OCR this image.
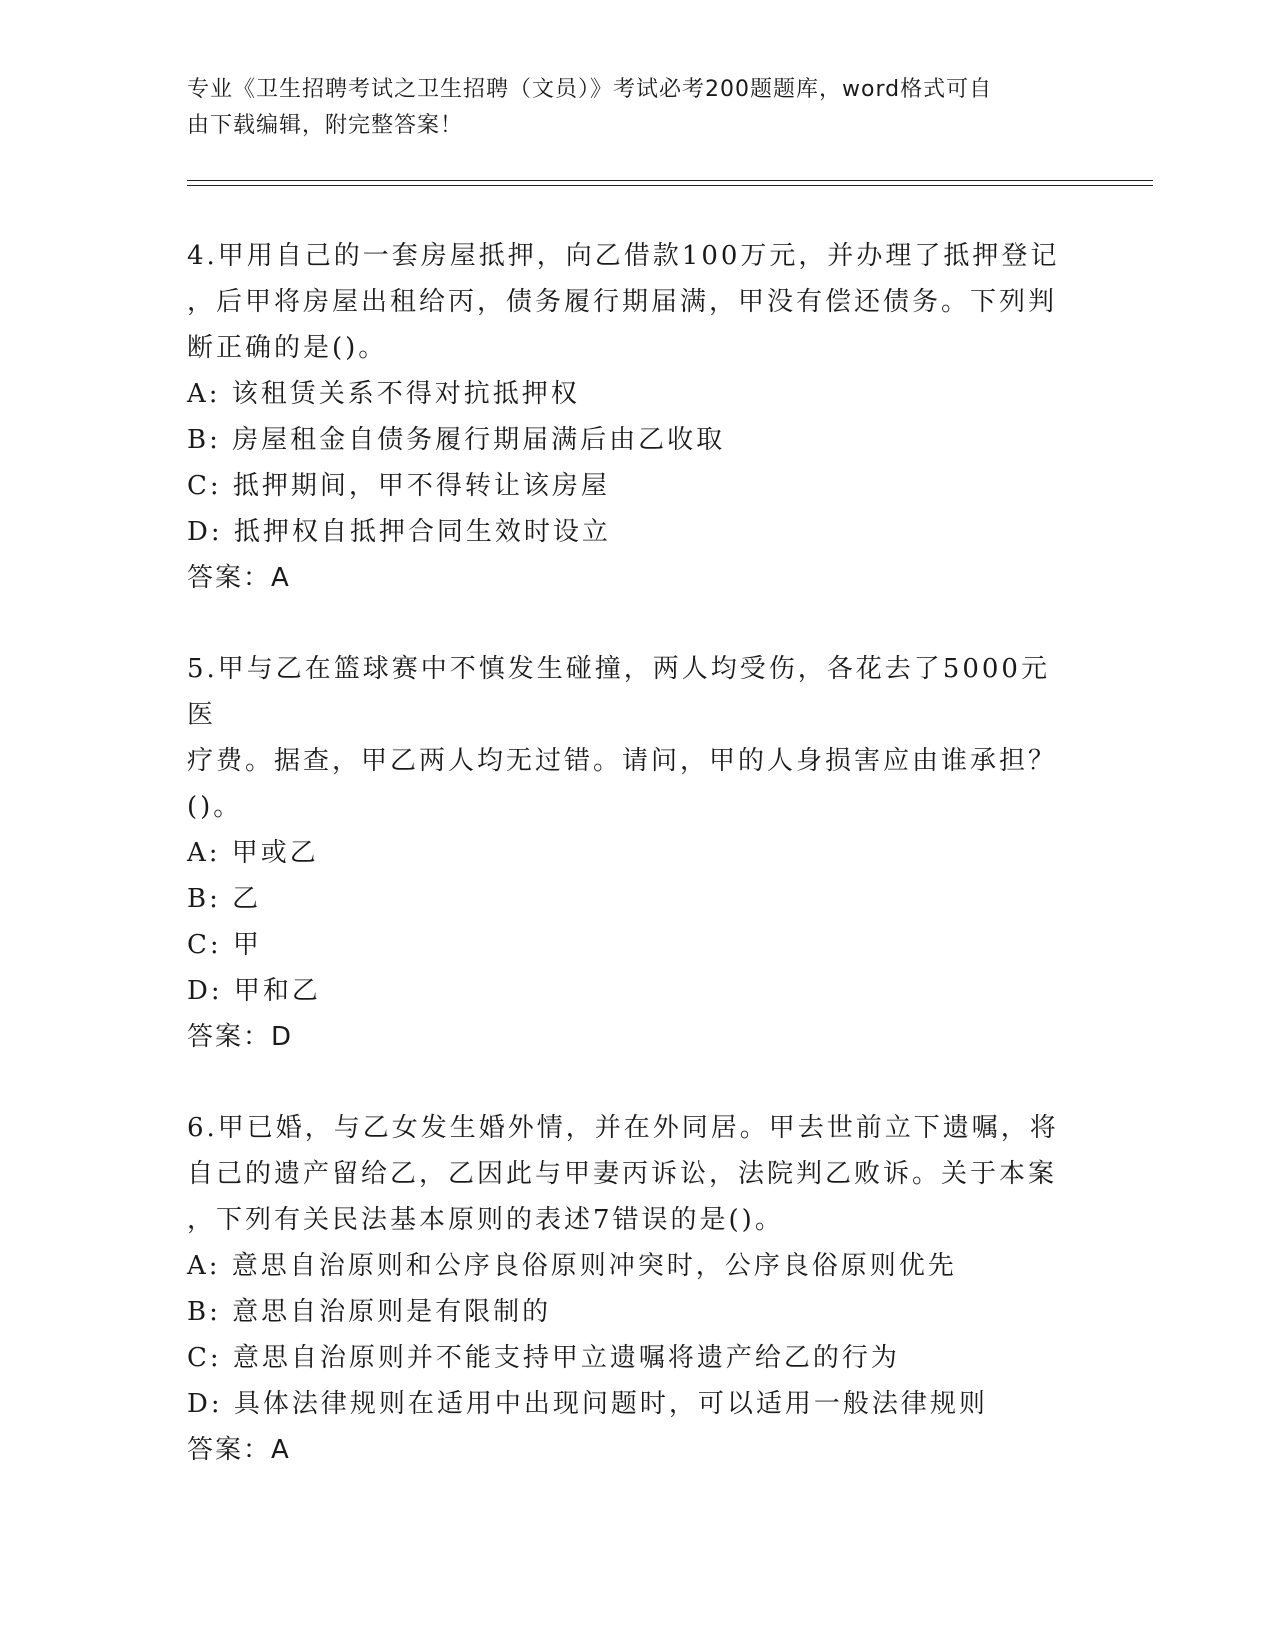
专业《卫生招聘考试之卫生招聘（文员）》考试必考200题题库，word格式可自
由下载编辑，附完整答案！
4.甲用自己的一套房屋抵押，向乙借款100万元，并办理了抵押登记
，后甲将房屋出租给丙，债务履行期届满，甲没有偿还债务。下列判
断正确的是()。
A: 该租赁关系不得对抗抵押权
B: 房屋租金自债务履行期届满后由乙收取
C: 抵押期间，甲不得转让该房屋
D: 抵押权自抵押合同生效时设立
答案：A
5.甲与乙在篮球赛中不慎发生碰撞，两人均受伤，各花去了5000元医
疗费。据查，甲乙两人均无过错。请问，甲的人身损害应由谁承担？
()。
A: 甲或乙
B: 乙
C: 甲
D: 甲和乙
答案：D
6.甲已婚，与乙女发生婚外情，并在外同居。甲去世前立下遗嘱，将
自己的遗产留给乙，乙因此与甲妻丙诉讼，法院判乙败诉。关于本案
，下列有关民法基本原则的表述7错误的是()。
A: 意思自治原则和公序良俗原则冲突时，公序良俗原则优先
B: 意思自治原则是有限制的
C: 意思自治原则并不能支持甲立遗嘱将遗产给乙的行为
D: 具体法律规则在适用中出现问题时，可以适用一般法律规则
答案：A
